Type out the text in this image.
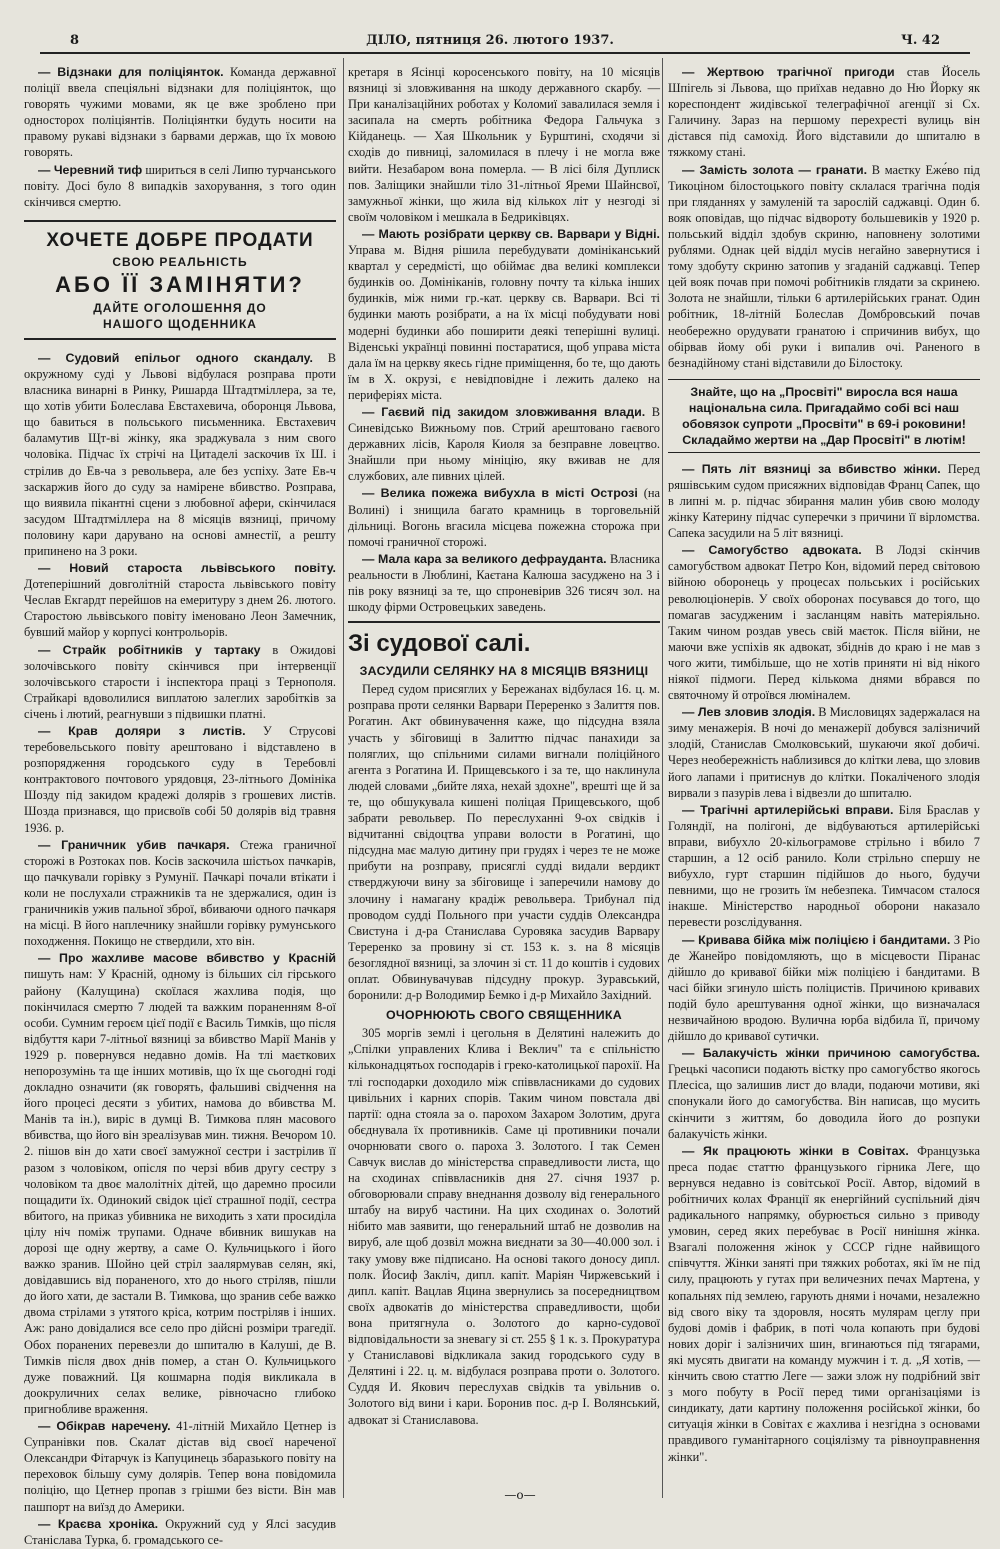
8	ДІЛО, пятниця 26. лютого 1937.	Ч. 42

— Відзнаки для поліціянток. Команда державної поліції ввела спеціяльні відзнаки для поліціянток, що говорять чужими мовами, як це вже зроблено при односторох поліціянтів. Поліціянтки будуть носити на правому рукаві відзнаки з барвами держав, що їх мовою говорять.

— Черевний тиф шириться в селі Липю турчанського повіту. Досі було 8 випадків захорування, з того один скінчився смертю.

ХОЧЕТЕ ДОБРЕ ПРОДАТИ
СВОЮ РЕАЛЬНІСТЬ
АБО ЇЇ ЗАМІНЯТИ?
ДАЙТЕ ОГОЛОШЕННЯ ДО
НАШОГО ЩОДЕННИКА

— Судовий епільог одного скандалу. В окружному суді у Львові відбулася розправа проти власника винарні в Ринку, Ришарда Штадтміллера, за те, що хотів убити Болеслава Евстахевича, оборонця Львова, що бавиться в польського письменника. Евстахевич баламутив Щт-ві жінку, яка зраджувала з ним свого чоловіка. Підчас їх стрічі на Цитаделі заскочив їх Ш. і стрілив до Ев-ча з револьвера, але без успіху. Зате Ев-ч заскаржив його до суду за намірене вбивство. Розправа, що виявила пікантні сцени з любовної афери, скінчилася засудом Штадтміллера на 8 місяців вязниці, причому половину кари дарувано на основі амнестії, а решту припинено на 3 роки.

— Новий староста львівського повіту. Дотеперішний довголітній староста львівського повіту Чеслав Екгардт перейшов на емеритуру з днем 26. лютого. Старостою львівського повіту іменовано Леон Замечник, бувший майор у корпусі контрольорів.

— Страйк робітників у тартаку в Ожидові золочівського повіту скінчився при інтервенції золочівського старости і інспектора праці з Тернополя. Страйкарі вдоволилися виплатою залеглих заробітків за січень і лютий, реагнувши з підвишки платні.

— Крав доляри з листів. У Струсові теребовельського повіту арештовано і відставлено в розпорядження городського суду в Теребовлі контрактового почтового урядовця, 23-літнього Домініка Шозду під закидом крадежі долярів з грошевих листів. Шозда признався, що присвоїв собі 50 долярів від травня 1936. р.

— Граничник убив пачкаря. Стежа граничної сторожі в Розтоках пов. Косів заскочила шістьох пачкарів, що пачкували горівку з Румунії. Пачкарі почали втікати і коли не послухали стражників та не здержалися, один із граничників ужив пальної зброї, вбиваючи одного пачкаря на місці. В його наплечнику знайшли горівку румунського походження. Покищо не ствердили, хто він.

— Про жахливе масове вбивство у Красній пишуть нам: У Красній, одному із більших сіл гірського району (Калущина) скоїлася жахлива подія, що покінчилася смертю 7 людей та важким пораненням 8-ої особи. Сумним героєм цієї події є Василь Тимків, що після відбуття кари 7-літньої вязниці за вбивство Марії Манів у 1929 р. повернувся недавно домів. На тлі маєткових непорозумінь та ще інших мотивів, що їх ще сьогодні годі докладно означити (як говорять, фальшиві свідчення на його процесі десяти з убитих, намова до вбивства М. Манів та ін.), виріс в думці В. Тимкова плян масового вбивства, що його він зреалізував мин. тижня. Вечором 10. 2. пішов він до хати своєї замужної сестри і застрілив її разом з чоловіком, опісля по черзі вбив другу сестру з чоловіком та двоє малолітніх дітей, що даремно просили пощадити їх. Одинокий свідок цієї страшної події, сестра вбитого, на приказ убивника не виходить з хати просиділа цілу ніч поміж трупами. Одначе вбивник вишукав на дорозі ще одну жертву, а саме О. Кульчицького і його важко зранив. Шойно цей стріл заалярмував селян, які, довідавшись від пораненого, хто до нього стріляв, пішли до його хати, де застали В. Тимкова, що зранив себе важко двома стрілами з утятого кріса, котрим постріляв і інших. Аж: рано довідалися все село про дійсні розміри трагедії. Обох поранених перевезли до шпиталю в Калуші, де В. Тимків після двох днів помер, а стан О. Кульчицького дуже поважний. Ця кошмарна подія викликала в доокруличних селах велике, рівночасно глибоко пригнобливе враження.

— Обікрав наречену. 41-літній Михайло Цетнер із Супранівки пов. Скалат дістав від своєї нареченої Олександри Фітарчук із Капуцинець збаразького повіту на переховок більшу суму долярів. Тепер вона повідомила поліцію, що Цетнер пропав з грішми без вісти. Він мав пашпорт на виїзд до Америки.

— Краєва хроніка. Окружний суд у Ялсі засудив Станіслава Турка, б. громадського се-

кретаря в Ясінці коросенського повіту, на 10 місяців вязниці зі зловживання на шкоду державного скарбу. — При каналізаційних роботах у Коломиї завалилася земля і засипала на смерть робітника Федора Гальчука з Кійданець. — Хая Школьник у Бурштині, сходячи зі сходів до пивниці, заломилася в плечу і не могла вже вийти. Незабаром вона померла. — В лісі біля Дуплиск пов. Заліщики знайшли тіло 31-літньої Яреми Шайнсвої, замужньої жінки, що жила від кількох літ у незгоді зі своїм чоловіком і мешкала в Бедриківцях.

— Мають розібрати церкву св. Варвари у Відні. Управа м. Відня рішила перебудувати домініканський квартал у середмісті, що обіймає два великі комплекси будинків оо. Домініканів, головну почту та кілька інших будинків, між ними гр.-кат. церкву св. Варвари. Всі ті будинки мають розібрати, а на їх місці побудувати нові модерні будинки або поширити деякі теперішні вулиці. Віденські українці повинні постаратися, щоб управа міста дала їм на церкву якесь гідне приміщення, бо те, що дають їм в Х. окрузі, є невідповідне і лежить далеко на периферіях міста.

— Гаєвий під закидом зловживання влади. В Синевідсько Вижньому пов. Стрий арештовано гаєвого державних лісів, Кароля Киоля за безправне ловецтво. Знайшли при ньому мініцію, яку вживав не для службових, але пивних цілей.

— Велика пожежа вибухла в місті Острозі (на Волині) і знищила багато крамниць в торговельній дільниці. Вогонь вгасила місцева пожежна сторожа при помочі граничної сторожі.

— Мала кара за великого дефраудантa. Власника реальности в Люблині, Каєтана Калюша засуджено на 3 і пів року вязниці за те, що спроневірив 326 тисяч зол. на шкоду фірми Островецьких заведень.

Зі судової салі.
ЗАСУДИЛИ СЕЛЯНКУ НА 8 МІСЯЦІВ ВЯЗНИЦІ

Перед судом присяглих у Бережанах відбулася 16. ц. м. розправа проти селянки Варвари Переренко з Залиття пов. Рогатин. Акт обвинувачення каже, що підсудна взяла участь у збіговищі в Залиттю підчас панахиди за поляглих, що спільними силами вигнали поліційного агента з Рогатина И. Прищевського і за те, що наклинула людей словами „бийте ляха, нехай здохне", врешті ще й за те, що обшукувала кишені поліцая Прищевського, щоб забрати револьвер. По переслуханні 9-ох свідків і відчитанні свідоцтва управи волости в Рогатині, що підсудна має малую дитину при грудях і через те не може прибути на розправу, присяглі судді видали вердикт стверджуючи вину за збіговище і заперечили намову до злочину і намагану крадіж револьвера. Трибунал під проводом судді Польного при участи суддів Олександра Свистуна і д-ра Станислава Суровяка засудив Варвару Тереренко за провину зі ст. 153 к. з. на 8 місяців безоглядної вязниці, за злочин зі ст. 11 до коштів і судових оплат. Обвинувачував підсудну прокур. Зуравський, боронили: д-р Володимир Бемко і д-р Михайло Західний.

ОЧОРНЮЮТЬ СВОГО СВЯЩЕННИКА

305 моргів землі і цегольня в Делятині належить до „Спілки управлених Клива і Веклич" та є спільністю кільконадцятьох господарів і греко-католицької парохії. На тлі господарки доходило між співвласниками до судових цивільних і карних спорів. Таким чином повстала дві партії: одна стояла за о. парохом Захаром Золотим, друга обєднувала їх противників. Саме ці противники почали очорнювати свого о. пароха З. Золотого. І так Семен Савчук вислав до міністерства справедливости листа, що на сходинах співвласників дня 27. січня 1937 р. обговорювали справу внеднання дозволу від генерального штабу на вируб частини. На цих сходинах о. Золотий нібито мав заявити, що генеральний штаб не дозволив на вируб, але щоб дозвіл можна виєднати за 30—40.000 зол. і таку умову вже підписано. На основі такого доносу дипл. полк. Йосиф Закліч, дипл. капіт. Маріян Чиржевський і дипл. капіт. Вацлав Яцина звернулись за посередництвом своїх адвокатів до міністерства справедливости, щоби вона притягнула о. Золотого до карно-судової відповідальности за зневагу зі ст. 255 § 1 к. з. Прокуратура у Станиславові відкликала закид городського суду в Делятині і 22. ц. м. відбулася розправа проти о. Золотого. Суддя И. Якович переслухав свідків та увільнив о. Золотого від вини і кари. Боронив пос. д-р І. Волянський, адвокат зі Станиславова.

— Жертвою трагічної пригоди став Йосель Шпігель зі Львова, що приїхав недавно до Ню Йорку як кореспондент жидівської телеграфічної агенції зі Сх. Галичину. Зараз на першому перехресті вулиць він дістався під самохід. Його відставили до шпиталю в тяжкому стані.

— Замість золота — гранати. В маєтку Еже́во під Тикоціном білостоцького повіту склалася трагічна подія при гляданнях у замуленій та зарослій саджавці. Один б. вояк оповідав, що підчас відвороту большевиків у 1920 р. польський відділ здобув скриню, наповнену золотими рублями. Однак цей відділ мусів негайно завернутися і тому здобуту скриню затопив у згаданій саджавці. Тепер цей вояк почав при помочі робітників глядати за скринею. Золота не знайшли, тільки 6 артилерійських гранат. Один робітник, 18-літній Болеслав Домбровський почав необережно орудувати гранатою і спричинив вибух, що обірвав йому обі руки і випалив очі. Раненого в безнадійному стані відставили до Білостоку.

Знайте, що на „Просвіті" виросла вся наша національна сила. Пригадаймо собі всі наш обовязок супроти „Просвіти" в 69-і роковини! Складаймо жертви на „Дар Просвіті" в лютім!

— Пять літ вязниці за вбивство жінки. Перед ряшівським судом присяжних відповідав Франц Сапек, що в липні м. р. підчас збирання малин убив свою молоду жінку Катерину підчас суперечки з причини її вірломства. Сапека засудили на 5 літ вязниці.

— Самогубство адвоката. В Лодзі скінчив самогубством адвокат Петро Кон, відомий перед світовою війною оборонець у процесах польських і російських революціонерів. У своїх оборонах посувався до того, що помагав засудженим і засланцям навіть матеріяльно. Таким чином роздав увесь свій маєток. Після війни, не маючи вже успіхів як адвокат, збіднів до краю і не мав з чого жити, тимбільше, що не хотів приняти ні від нікого ніякої підмоги. Перед кількома днями вбрався по святочному й отроївся люміналем.

— Лев зловив злодія. В Мисловицях задержалася на зиму менажерія. В ночі до менажерії добувся залізничий злодій, Станислав Смолковський, шукаючи якої добичі. Через необережність наблизився до клітки лева, що зловив його лапами і притиснув до клітки. Покаліченого злодія вирвали з пазурів лева і відвезли до шпиталю.

— Трагічні артилерійські вправи. Біля Браслав у Голяндії, на полігоні, де відбуваються артилерійські вправи, вибухло 20-кільограмове стрільно і вбило 7 старшин, а 12 осіб ранило. Коли стрільно спершу не вибухло, гурт старшин підійшов до нього, будучи певними, що не грозить їм небезпека. Тимчасом сталося інакше. Міністерство народньої оборони наказало перевести розслідування.

— Кривава бійка між поліцією і бандитами. З Ріо де Жанейро повідомляють, що в місцевости Піранас дійшло до кривавої бійки між поліцією і бандитами. В часі бійки згинуло шість поліцистів. Причиною кривавих подій було арештування одної жінки, що визначалася незвичайною вродою. Вулична юрба відбила її, причому дійшло до кривавої сутички.

— Балакучість жінки причиною самогубства. Грецькі часописи подають вістку про самогубство якогось Плесіса, що залишив лист до влади, подаючи мотиви, які спонукали його до самогубства. Він написав, що мусить скінчити з життям, бо доводила його до розпуки балакучість жінки.

— Як працюють жінки в Совітах. Французька преса подає статтю французького гірника Леге, що вернувся недавно із совітської Росії. Автор, відомий в робітничих колах Франції як енергійний суспільний діяч радикального напрямку, обурюється сильно з приводу умовин, серед яких перебуває в Росії нинішня жінка. Взагалі положення жінок у СССР гідне найвищого співчуття. Жінки заняті при тяжких роботах, які їм не під силу, працюють у гутах при величезних печах Мартена, у копальнях під землею, гарують днями і ночами, незалежно від свого віку та здоровля, носять мулярам цеглу при будові домів і фабрик, в поті чола копають при будові нових доріг і залізничих шин, вгинаються під тягарами, які мусять двигати на команду мужчин і т. д. „Я хотів, — кінчить свою статтю Леге — зажи злож ну подрібний звіт з мого побуту в Росії перед тими організаціями із синдикату, дати картину положення російської жінки, бо ситуація жінки в Совітах є жахлива і незгідна з основами правдивого гуманітарного соціялізму та рівноуправнення жінки".

—о—
